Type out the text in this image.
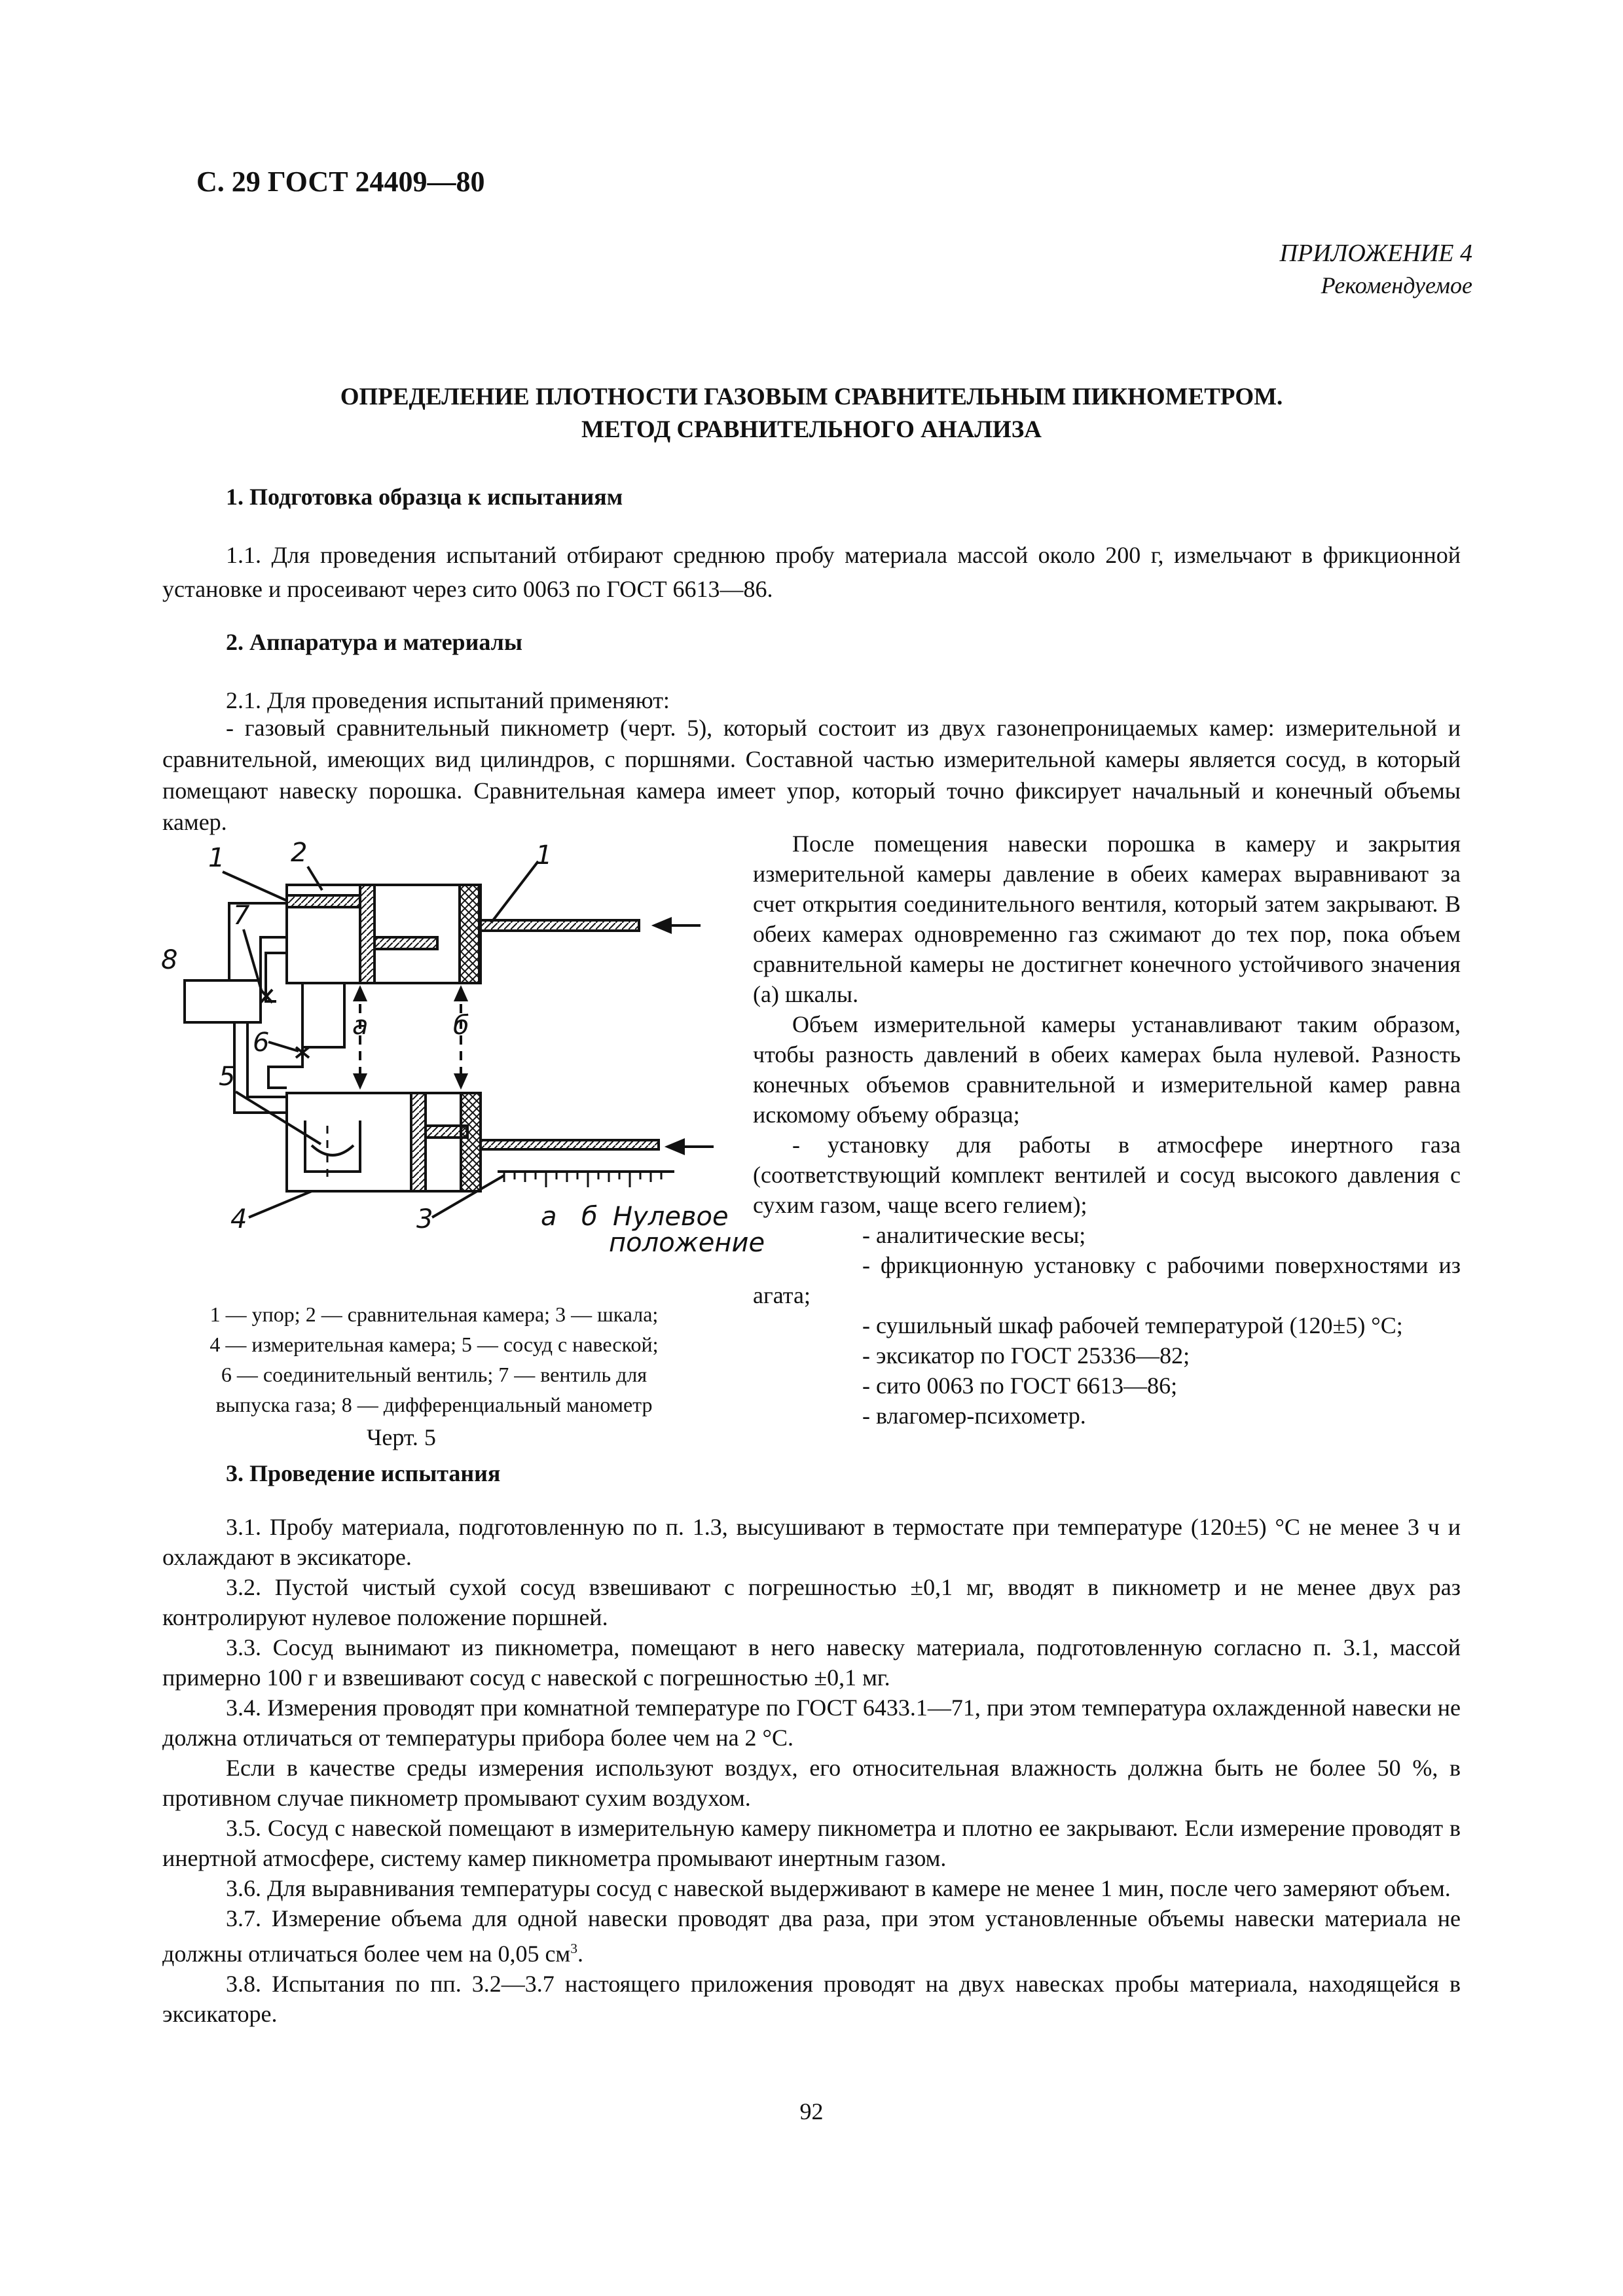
С. 29 ГОСТ 24409—80
ПРИЛОЖЕНИЕ 4
Рекомендуемое
ОПРЕДЕЛЕНИЕ ПЛОТНОСТИ ГАЗОВЫМ СРАВНИТЕЛЬНЫМ ПИКНОМЕТРОМ.
МЕТОД СРАВНИТЕЛЬНОГО АНАЛИЗА

1. Подготовка образца к испытаниям

1.1. Для проведения испытаний отбирают среднюю пробу материала массой около 200 г, измельчают в фрикционной установке и просеивают через сито 0063 по ГОСТ 6613—86.

2. Аппаратура и материалы

2.1. Для проведения испытаний применяют:

- газовый сравнительный пикнометр (черт. 5), который состоит из двух газонепроницаемых камер: измерительной и сравнительной, имеющих вид цилиндров, с поршнями. Составной частью измерительной камеры является сосуд, в который помещают навеску порошка. Сравнительная камера имеет упор, который точно фиксирует начальный и конечный объемы камер.

1	2	1
8
7
6
5
4	3
а	б
а б Нулевое
положение
1 — упор; 2 — сравнительная камера; 3 — шкала;
4 — измерительная камера; 5 — сосуд с навеской;
6 — соединительный вентиль; 7 — вентиль для
выпуска газа; 8 — дифференциальный манометр

Черт. 5

После помещения навески порошка в камеру и закрытия измерительной камеры давление в обеих камерах выравнивают за счет открытия соединительного вентиля, который затем закрывают. В обеих камерах одновременно газ сжимают до тех пор, пока объем сравнительной камеры не достигнет конечного устойчивого значения (а) шкалы.

Объем измерительной камеры устанавливают таким образом, чтобы разность давлений в обеих камерах была нулевой. Разность конечных объемов сравнительной и измерительной камер равна искомому объему образца;

- установку для работы в атмосфере инертного газа (соответствующий комплект вентилей и сосуд высокого давления с сухим газом, чаще всего гелием);

- аналитические весы;

- фрикционную установку с рабочими поверхностями из агата;

- сушильный шкаф рабочей температурой (120±5) °С;

- эксикатор по ГОСТ 25336—82;

- сито 0063 по ГОСТ 6613—86;

- влагомер-психометр.

3. Проведение испытания

3.1. Пробу материала, подготовленную по п. 1.3, высушивают в термостате при температуре (120±5) °С не менее 3 ч и охлаждают в эксикаторе.

3.2. Пустой чистый сухой сосуд взвешивают с погрешностью ±0,1 мг, вводят в пикнометр и не менее двух раз контролируют нулевое положение поршней.

3.3. Сосуд вынимают из пикнометра, помещают в него навеску материала, подготовленную согласно п. 3.1, массой примерно 100 г и взвешивают сосуд с навеской с погрешностью ±0,1 мг.

3.4. Измерения проводят при комнатной температуре по ГОСТ 6433.1—71, при этом температура охлажденной навески не должна отличаться от температуры прибора более чем на 2 °С.

Если в качестве среды измерения используют воздух, его относительная влажность должна быть не более 50 %, в противном случае пикнометр промывают сухим воздухом.

3.5. Сосуд с навеской помещают в измерительную камеру пикнометра и плотно ее закрывают. Если измерение проводят в инертной атмосфере, систему камер пикнометра промывают инертным газом.

3.6. Для выравнивания температуры сосуд с навеской выдерживают в камере не менее 1 мин, после чего замеряют объем.

3.7. Измерение объема для одной навески проводят два раза, при этом установленные объемы навески материала не должны отличаться более чем на 0,05 $см^3$.

3.8. Испытания по пп. 3.2—3.7 настоящего приложения проводят на двух навесках пробы материала, находящейся в эксикаторе.

92
